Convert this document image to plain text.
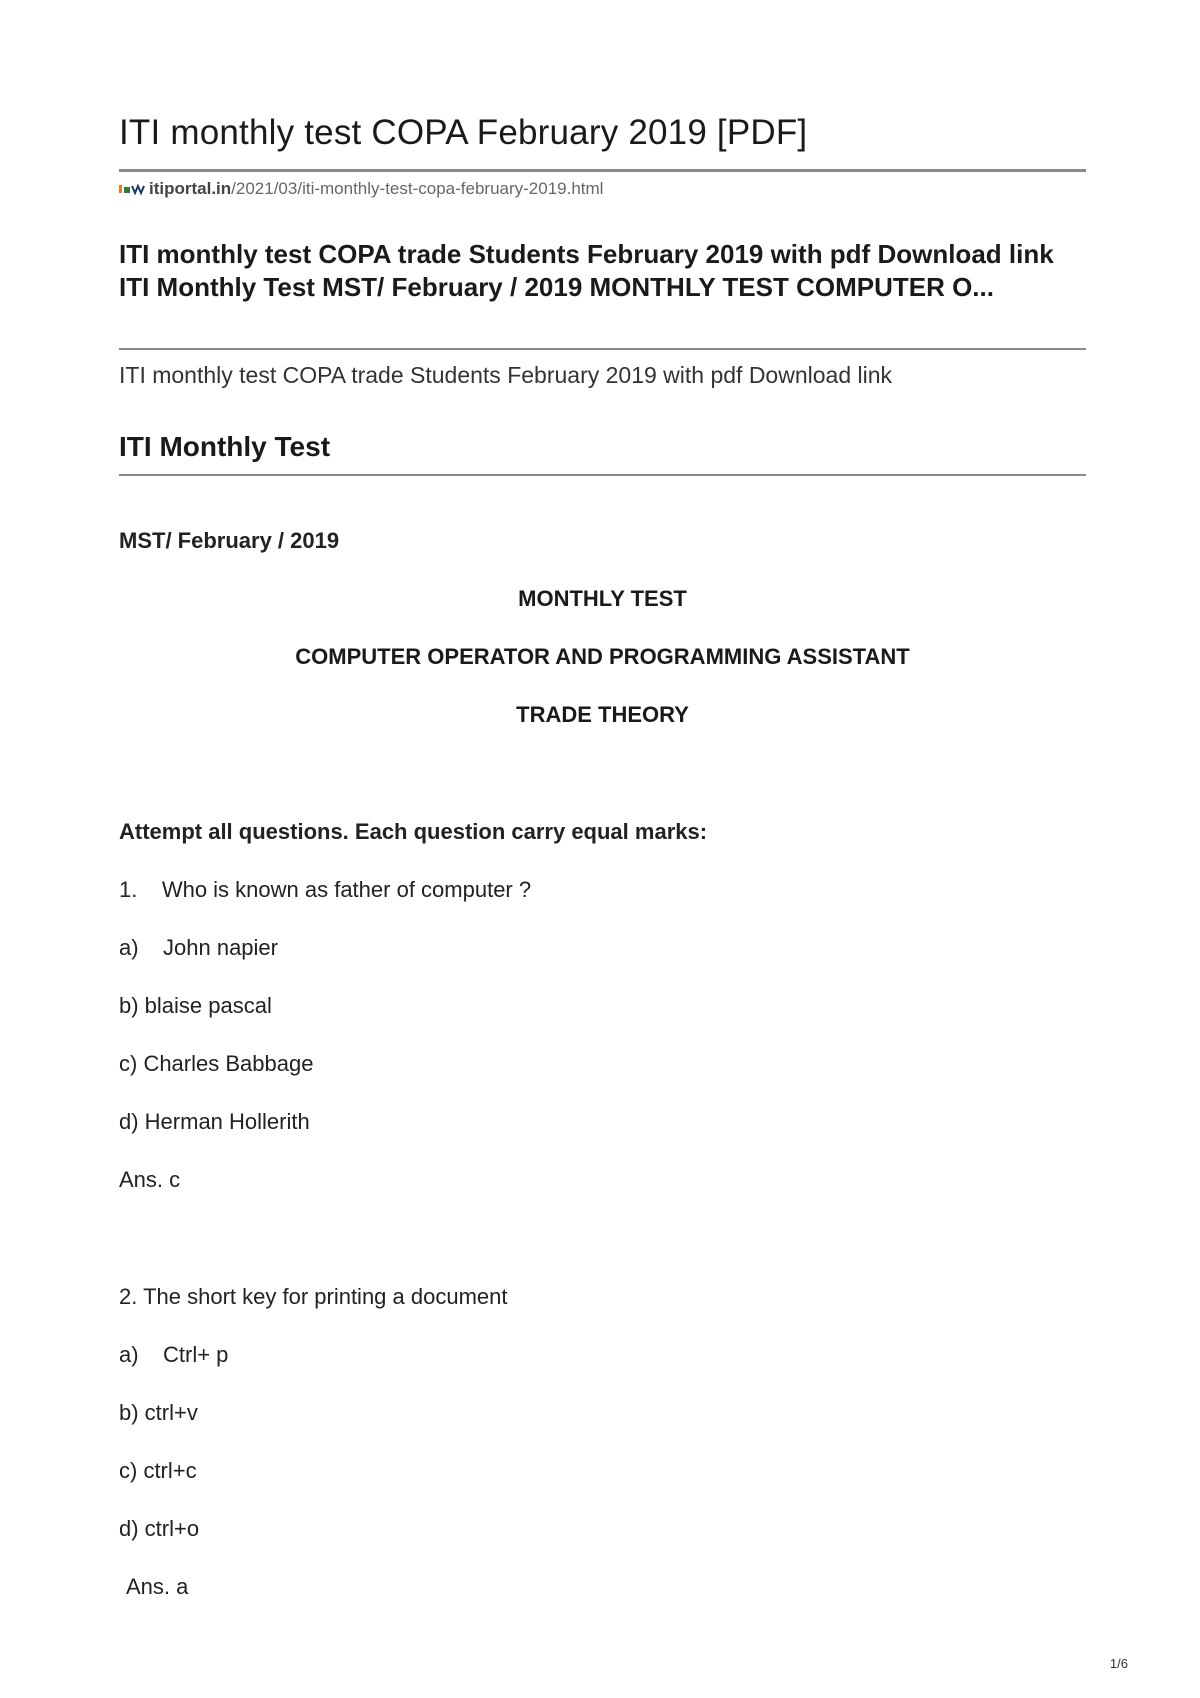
ITI monthly test COPA February 2019 [PDF]
itiportal.in/2021/03/iti-monthly-test-copa-february-2019.html
ITI monthly test COPA trade Students February 2019 with pdf Download link ITI Monthly Test MST/ February / 2019 MONTHLY TEST COMPUTER O...
ITI monthly test COPA trade Students February 2019 with pdf Download link
ITI Monthly Test
MST/ February / 2019
MONTHLY TEST
COMPUTER OPERATOR AND PROGRAMMING ASSISTANT
TRADE THEORY
Attempt all questions. Each question carry equal marks:
1.    Who is known as father of computer ?
a)    John napier
b) blaise pascal
c) Charles Babbage
d) Herman Hollerith
Ans. c
2. The short key for printing a document
a)    Ctrl+ p
b) ctrl+v
c) ctrl+c
d) ctrl+o
Ans. a
1/6
